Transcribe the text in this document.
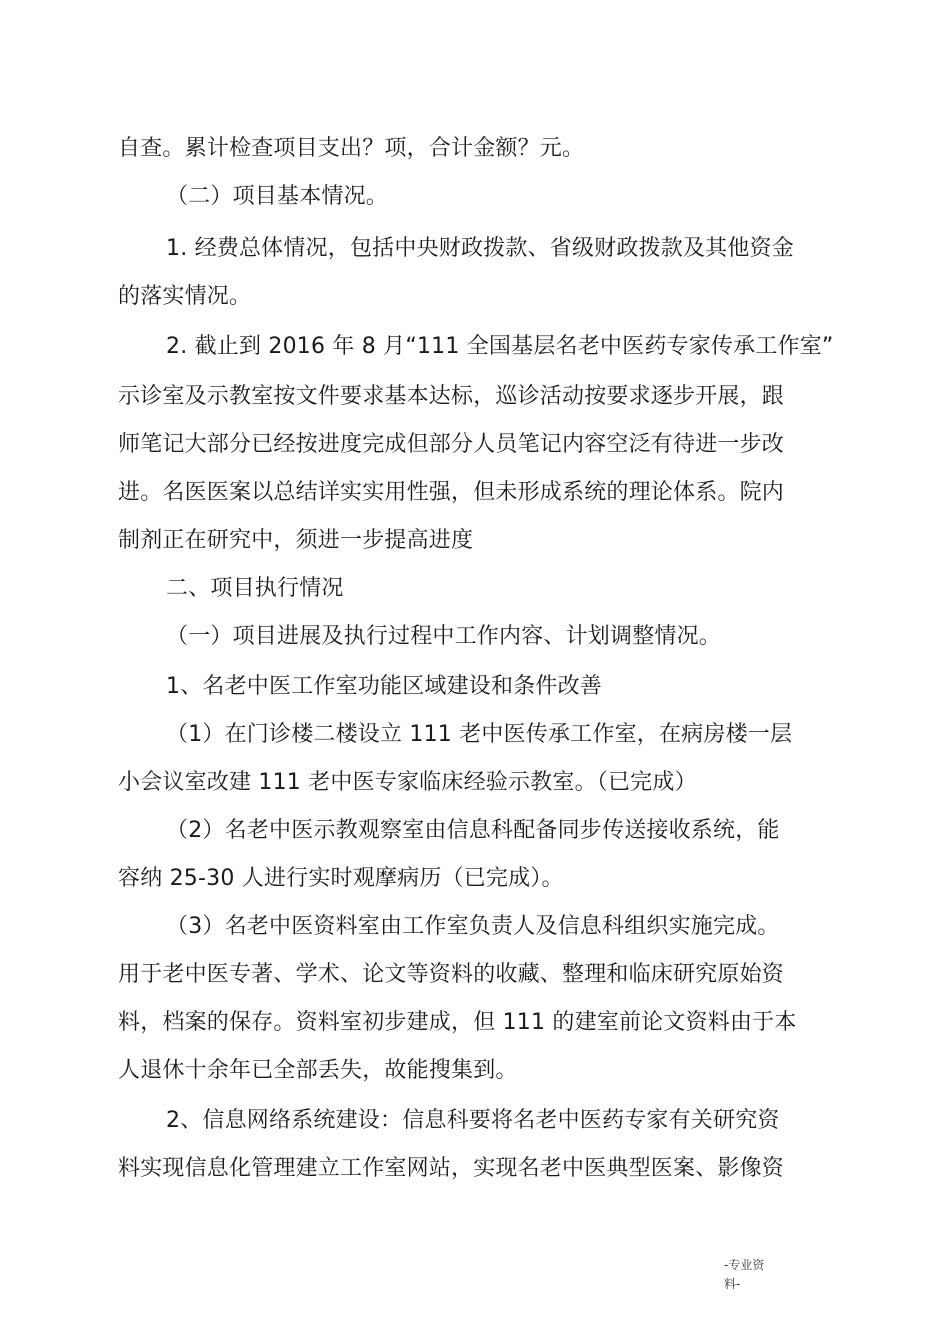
自查。累计检查项目支出？项，合计金额？元。
（二）项目基本情况。
1. 经费总体情况，包括中央财政拨款、省级财政拨款及其他资金
的落实情况。
2. 截止到 2016 年 8 月“111 全国基层名老中医药专家传承工作室”
示诊室及示教室按文件要求基本达标，巡诊活动按要求逐步开展，跟
师笔记大部分已经按进度完成但部分人员笔记内容空泛有待进一步改
进。名医医案以总结详实实用性强，但未形成系统的理论体系。院内
制剂正在研究中，须进一步提高进度
二、项目执行情况
（一）项目进展及执行过程中工作内容、计划调整情况。
1、名老中医工作室功能区域建设和条件改善
（1）在门诊楼二楼设立 111 老中医传承工作室，在病房楼一层
小会议室改建 111 老中医专家临床经验示教室。（已完成）
（2）名老中医示教观察室由信息科配备同步传送接收系统，能
容纳 25-30 人进行实时观摩病历（已完成）。
（3）名老中医资料室由工作室负责人及信息科组织实施完成。
用于老中医专著、学术、论文等资料的收藏、整理和临床研究原始资
料，档案的保存。资料室初步建成，但 111 的建室前论文资料由于本
人退休十余年已全部丢失，故能搜集到。
2、信息网络系统建设：信息科要将名老中医药专家有关研究资
料实现信息化管理建立工作室网站，实现名老中医典型医案、影像资
-专业资
料-
